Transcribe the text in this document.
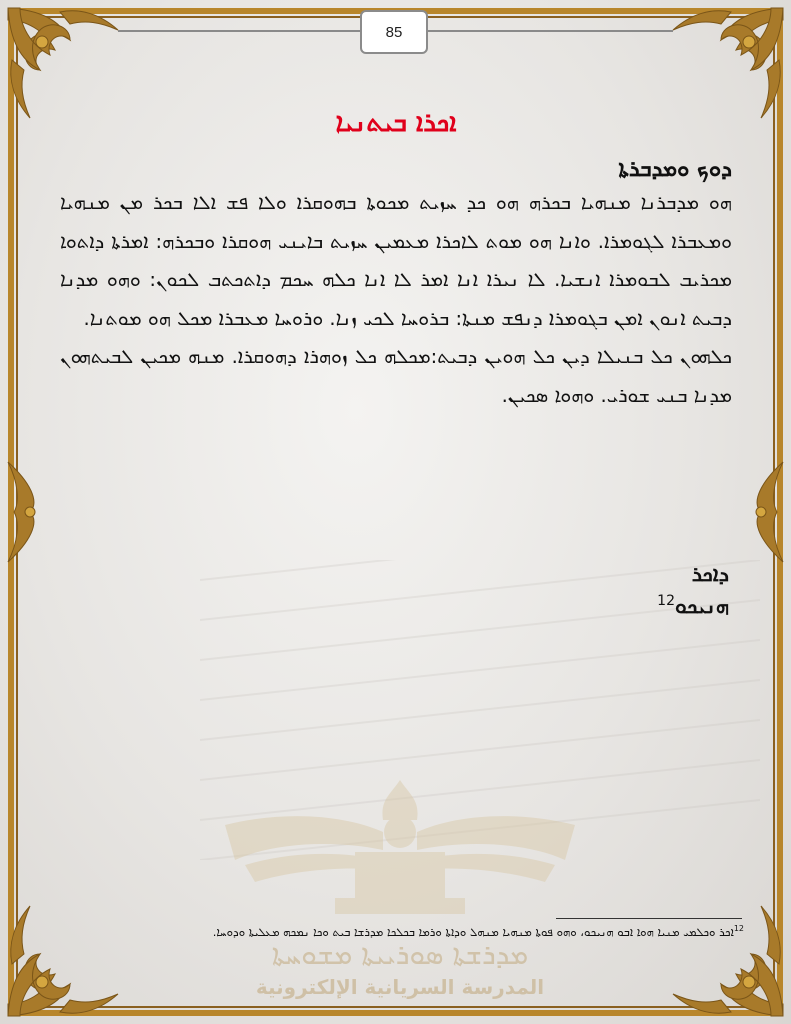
ܡܕܪܫܬܐ ܣܘܪܝܝܬܐ ܡܫܘܚܬܐ
المدرسة السريانية الإلكترونية
85
ܐܟܪܐ ܒܝܬܢܝܐ
ܕܘܟ ܘܡܕܒܪܬܐ

ܗܘ ܡܕܒܪܢܐ ܡܢܗܝܐ ܒܟܪܗ ܗܘ ܟܕ ܚܙܝܬ ܡܟܘܬܐ ܒܗܘܩܪܐ ܘܠܐ ܦܫ ܐܠܐ ܒܟܪ ܡܢ ܡܢܗܝܐ ܘܡܥܒܪܐ ܠܓܘܡܪܐ. ܘܐܢܐ ܗܘ ܡܘܬ ܠܐܟܪܐ ܡܥܡܝܢ ܚܙܝܬ ܒܐܝܢܝ ܗܘܩܪܐ ܘܒܟܪܗ: ܐܡܪܬܐ ܕܐܬܘܐ ܡܟܪܝܒ ܠܒܘܡܪܐ ܐܢܫܝܐ. ܠܐ ܢܝܪܐ ܐܢܐ ܐܡܪ ܠܐ ܐܢܐ ܟܠܗ ܚܟܡ ܕܐܬܟܬܒ ܠܟܘܢ: ܘܗܘ ܡܕܢܐ ܕܒܝܬ ܐܢܘܢ ܐܡܢ ܒܓܘܡܪܐ ܕܢܦܫ ܡܢܬܐ: ܒܪܘܚܐ ܠܟܝ ܙܢܐ. ܘܪܘܚܐ ܡܥܒܪܐ ܡܟܠ ܗܘ ܡܘܬܢܐ.

ܟܠܗܘܢ ܟܠ ܒܢܝܠܐ ܕܝܢ ܟܠ ܗܘܝܢ ܕܒܝܬ:ܡܟܠܗ ܟܠ ܙܘܗܪܐ ܕܗܘܩܪܐ. ܡܢܗ ܡܟܝܢ ܠܒܝܬܗܘܢ ܡܕܢܐ ܒܢܝ ܫܘܪܝ. ܘܗܘܐ ܣܟܝܢ.

ܕܐܟܪ
ܗܢܝܟܘ$^{12}$
$^{12}$ܐܟܪ ܘܟܠܡܝ ܡܢܝܐ ܗܘܐ ܐܒܘ ܗܢܝܟܘ، ܘܗܘ ܦܘܬܐ ܡܢܗܝܐ ܡܢܗܠ ܘܕܐܬܐ ܘܪܡܐ ܒܟܠܟܐ ܡܕܪܫܐ ܒܝܬ ܘܟܐ ܢܡܟܗ ܡܥܠܝܬܐ ܘܕܘܚܐ.
